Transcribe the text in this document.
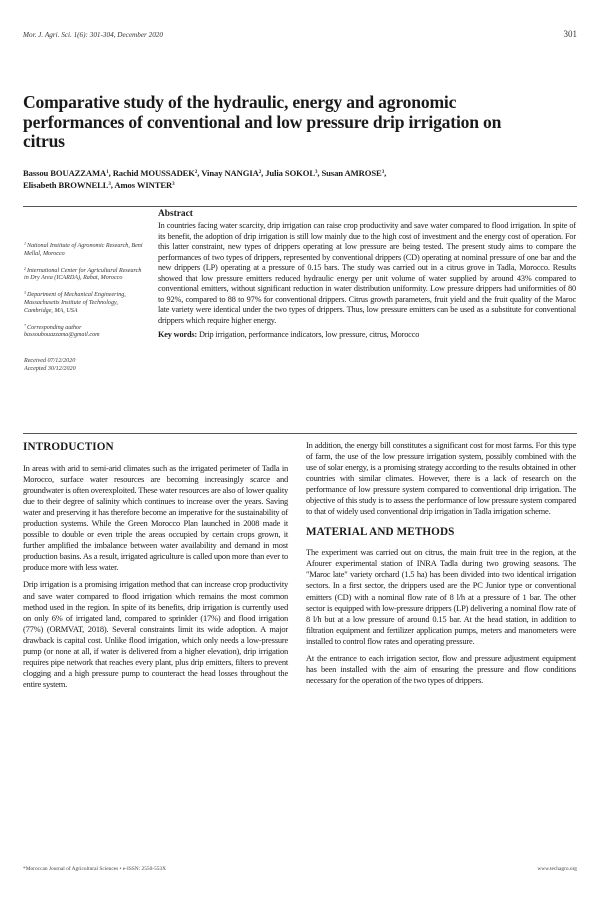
Mor. J. Agri. Sci. 1(6): 301-304, December 2020	301
Comparative study of the hydraulic, energy and agronomic performances of conventional and low pressure drip irrigation on citrus
Bassou BOUAZZAMA$^1$, Rachid MOUSSADEK$^2$, Vinay NANGIA$^2$, Julia SOKOL$^3$, Susan AMROSE$^3$,
Elisabeth BROWNELL$^3$, Amos WINTER$^3$
$^1$National Institute of Agronomic Research, Beni Mellal, Morocco
$^2$International Center for Agricultural Research in Dry Area (ICARDA), Rabat, Morocco
$^3$Department of Mechanical Engineering, Massachusetts Institute of Technology, Cambridge, MA, USA
*Corresponding author bassoubouazzama@gmail.com
Received 07/12/2020
Accepted 30/12/2020
Abstract

In countries facing water scarcity, drip irrigation can raise crop productivity and save water compared to flood irrigation. In spite of its benefit, the adoption of drip irrigation is still low mainly due to the high cost of investment and the energy cost of operation. For this latter constraint, new types of drippers operating at low pressure are being tested. The present study aims to compare the performances of two types of drippers, represented by conventional drippers (CD) operating at nominal pressure of one bar and the new drippers (LP) operating at a pressure of 0.15 bars. The study was carried out in a citrus grove in Tadla, Morocco. Results showed that low pressure emitters reduced hydraulic energy per unit volume of water supplied by around 43% compared to conventional emitters, without significant reduction in water distribution uniformity. Low pressure drippers had uniformities of 80 to 92%, compared to 88 to 97% for conventional drippers. Citrus growth parameters, fruit yield and the fruit quality of the Maroc late variety were identical under the two types of drippers. Thus, low pressure emitters can be used as a substitute for conventional drippers which require higher energy.

Key words: Drip irrigation, performance indicators, low pressure, citrus, Morocco
INTRODUCTION

In areas with arid to semi-arid climates such as the irrigated perimeter of Tadla in Morocco, surface water resources are becoming increasingly scarce and groundwater is often overexploited. These water resources are also of lower quality due to their degree of salinity which continues to increase over the years. Saving water and preserving it has therefore become an imperative for the sustainability of production systems. While the Green Morocco Plan launched in 2008 made it possible to double or even triple the areas occupied by certain crops grown, it further amplified the imbalance between water availability and demand in most production basins. As a result, irrigated agriculture is called upon more than ever to produce more with less water.

Drip irrigation is a promising irrigation method that can increase crop productivity and save water compared to flood irrigation which remains the most common method used in the region. In spite of its benefits, drip irrigation is currently used on only 6% of irrigated land, compared to sprinkler (17%) and flood irrigation (77%) (ORMVAT, 2018). Several constraints limit its wide adoption. A major drawback is capital cost. Unlike flood irrigation, which only needs a low-pressure pump (or none at all, if water is delivered from a higher elevation), drip irrigation requires pipe network that reaches every plant, plus drip emitters, filters to prevent clogging and a high pressure pump to counteract the head losses throughout the entire system.

In addition, the energy bill constitutes a significant cost for most farms. For this type of farm, the use of the low pressure irrigation system, possibly combined with the use of solar energy, is a promising strategy according to the results obtained in other countries with similar climates. However, there is a lack of research on the performance of low pressure system compared to conventional drip irrigation. The objective of this study is to assess the performance of low pressure system compared to that of widely used conventional drip irrigation in Tadla irrigation scheme.

MATERIAL AND METHODS

The experiment was carried out on citrus, the main fruit tree in the region, at the Afourer experimental station of INRA Tadla during two growing seasons. The "Maroc late" variety orchard (1.5 ha) has been divided into two identical irrigation sectors. In a first sector, the drippers used are the PC Junior type or conventional emitters (CD) with a nominal flow rate of 8 l/h at a pressure of 1 bar. The other sector is equipped with low-pressure drippers (LP) delivering a nominal flow rate of 8 l/h but at a low pressure of around 0.15 bar. At the head station, in addition to filtration equipment and fertilizer application pumps, meters and manometers were installed to control flow rates and operating pressure.

At the entrance to each irrigation sector, flow and pressure adjustment equipment has been installed with the aim of ensuring the pressure and flow conditions necessary for the operation of the two types of drippers.

*Moroccan Journal of Agricultural Sciences • e-ISSN: 2550-553X	www.techagro.org
